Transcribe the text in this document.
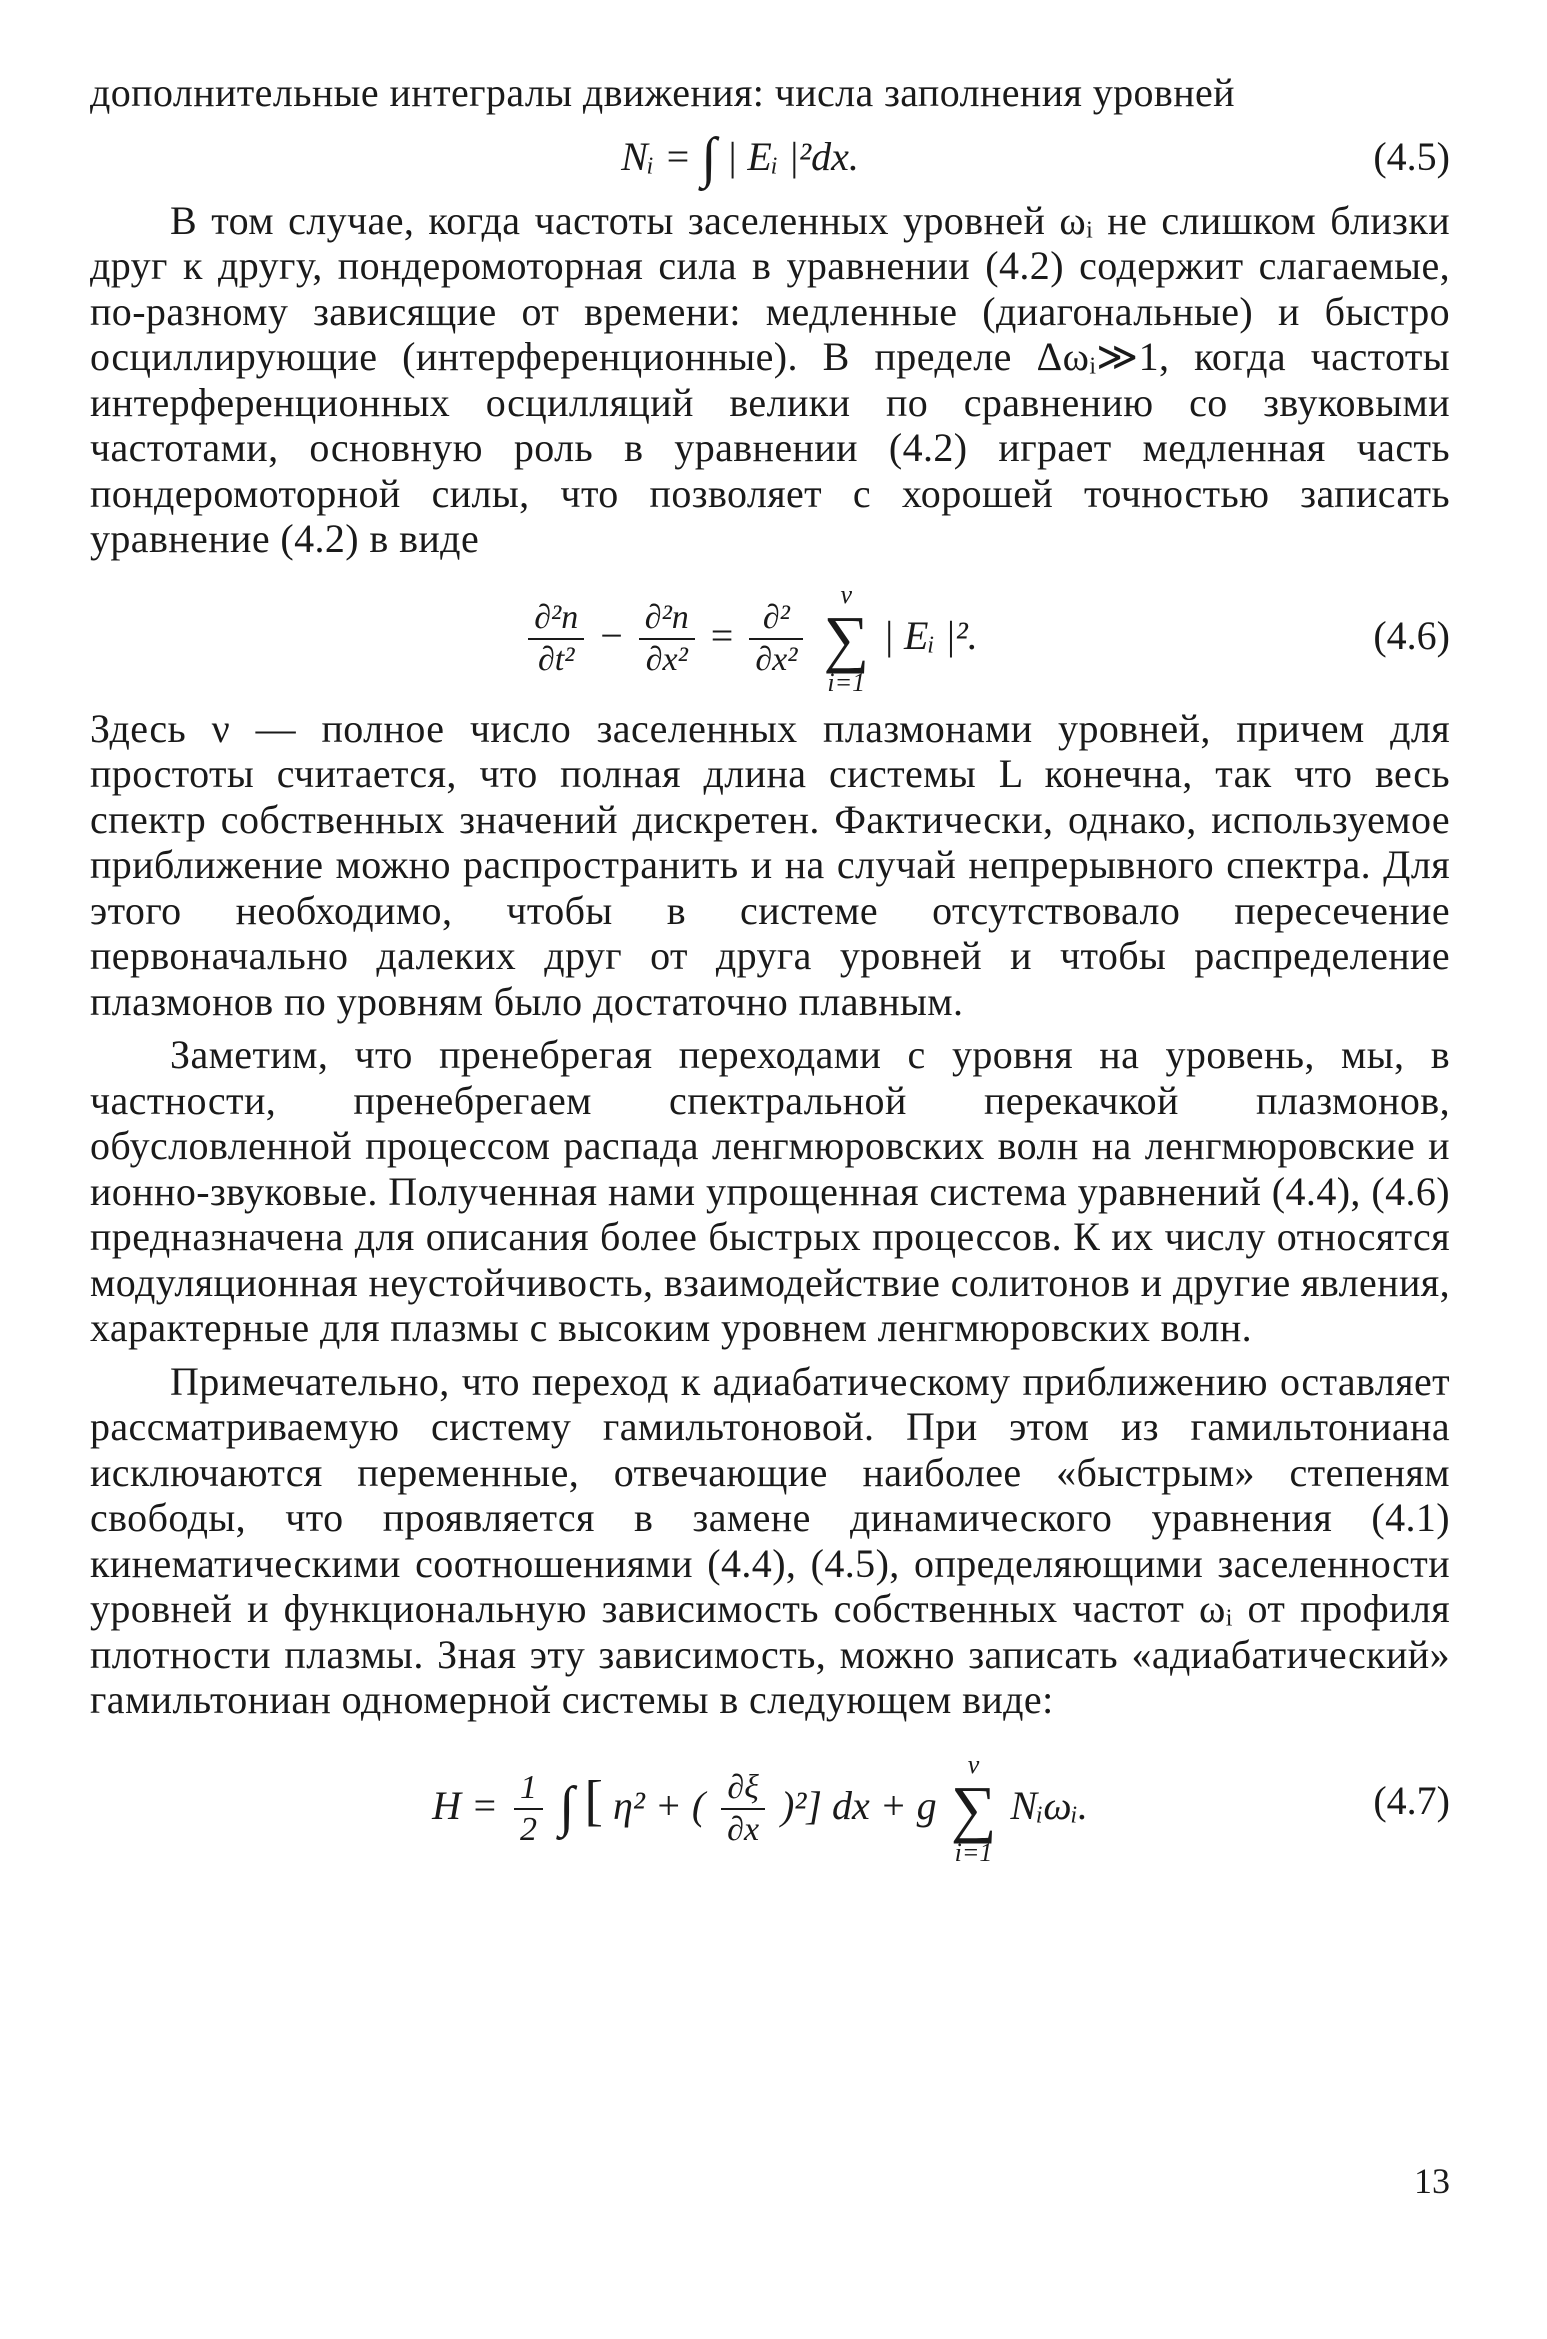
дополнительные интегралы движения: числа заполнения уровней

Nᵢ = ∫ | Eᵢ |²dx.	(4.5)

В том случае, когда частоты заселенных уровней ωᵢ не слишком близки друг к другу, пондеромоторная сила в уравнении (4.2) содержит слагаемые, по-разному зависящие от времени: медленные (диагональные) и быстро осциллирующие (интерференционные). В пределе Δωᵢ≫1, когда частоты интерференционных осцилляций велики по сравнению со звуковыми частотами, основную роль в уравнении (4.2) играет медленная часть пондеромоторной силы, что позволяет с хорошей точностью записать уравнение (4.2) в виде

$\frac{\text{∂²n}}{\text{∂t²}} - \frac{\text{∂²n}}{\text{∂x²}} = \frac{\text{∂²}}{\text{∂x²}}$

ν
∑
i=1
| Eᵢ |².	(4.6)

Здесь ν — полное число заселенных плазмонами уровней, причем для простоты считается, что полная длина системы L конечна, так что весь спектр собственных значений дискретен. Фактически, однако, используемое приближение можно распространить и на случай непрерывного спектра. Для этого необходимо, чтобы в системе отсутствовало пересечение первоначально далеких друг от друга уровней и чтобы распределение плазмонов по уровням было достаточно плавным.

Заметим, что пренебрегая переходами с уровня на уровень, мы, в частности, пренебрегаем спектральной перекачкой плазмонов, обусловленной процессом распада ленгмюровских волн на ленгмюровские и ионно-звуковые. Полученная нами упрощенная система уравнений (4.4), (4.6) предназначена для описания более быстрых процессов. К их числу относятся модуляционная неустойчивость, взаимодействие солитонов и другие явления, характерные для плазмы с высоким уровнем ленгмюровских волн.

Примечательно, что переход к адиабатическому приближению оставляет рассматриваемую систему гамильтоновой. При этом из гамильтониана исключаются переменные, отвечающие наиболее «быстрым» степеням свободы, что проявляется в замене динамического уравнения (4.1) кинематическими соотношениями (4.4), (4.5), определяющими заселенности уровней и функциональную зависимость собственных частот ωᵢ от профиля плотности плазмы. Зная эту зависимость, можно записать «адиабатический» гамильтониан одномерной системы в следующем виде:

$H = \frac{1}{2}$ ∫ [ η² + ( $\frac{\partial\xi}{\partial x} )^2$] dx + g
ν
∑
i=1
Nᵢωᵢ.	(4.7)
13
